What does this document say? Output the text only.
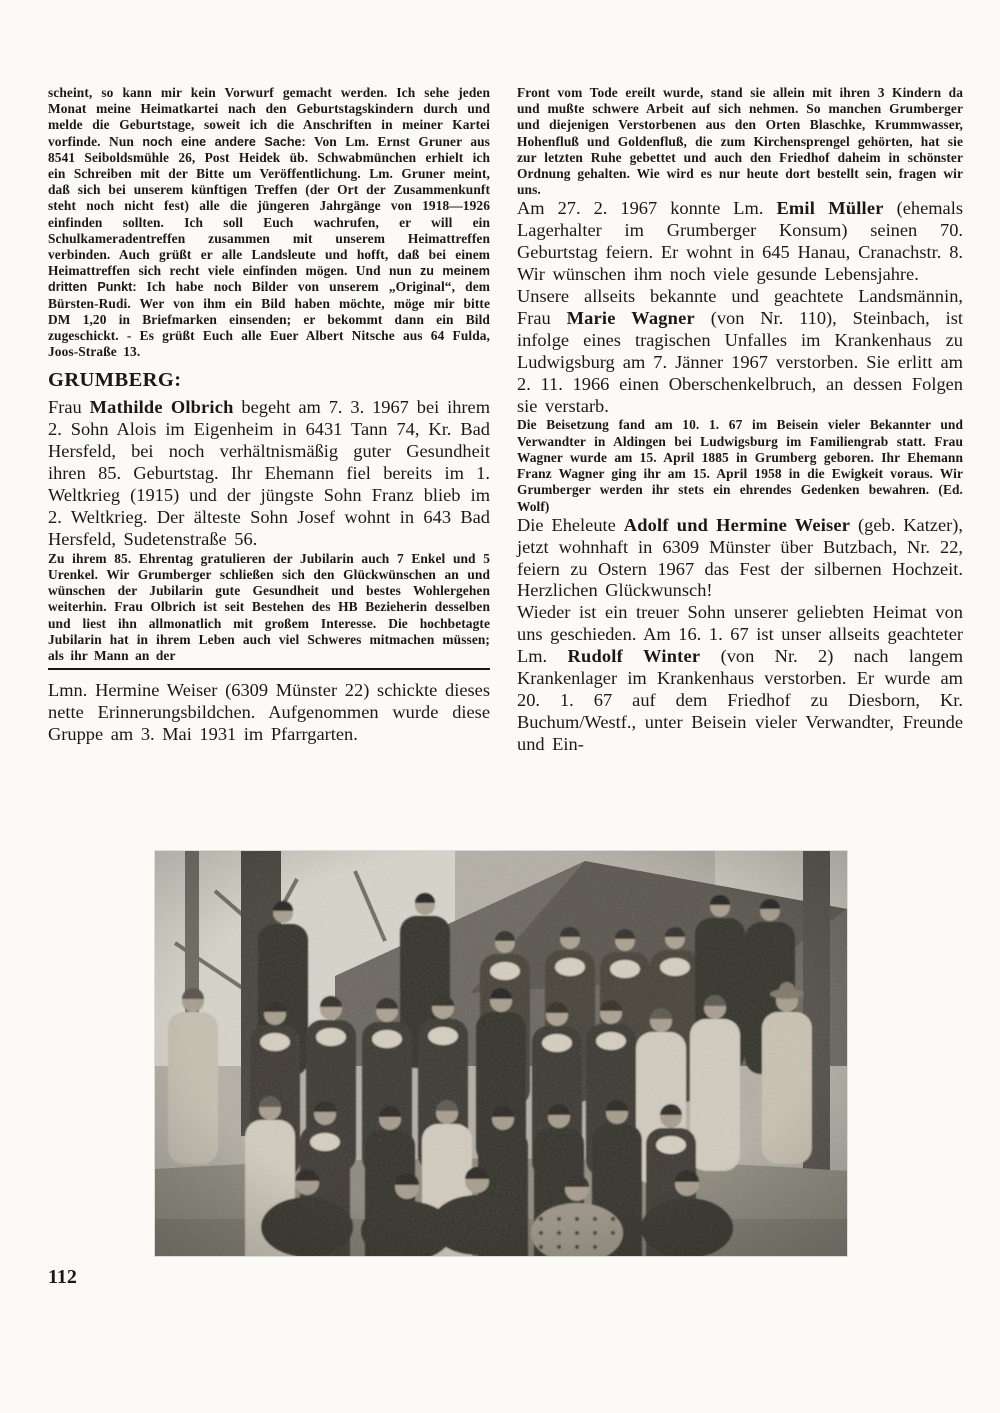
scheint, so kann mir kein Vorwurf gemacht werden. Ich sehe jeden Monat meine Heimatkartei nach den Geburtstagskindern durch und melde die Geburtstage, soweit ich die Anschriften in meiner Kartei vorfinde. Nun noch eine andere Sache: Von Lm. Ernst Gruner aus 8541 Seiboldsmühle 26, Post Heidek üb. Schwabmünchen erhielt ich ein Schreiben mit der Bitte um Veröffentlichung. Lm. Gruner meint, daß sich bei unserem künftigen Treffen (der Ort der Zusammenkunft steht noch nicht fest) alle die jüngeren Jahrgänge von 1918—1926 einfinden sollten. Ich soll Euch wachrufen, er will ein Schulkameradentreffen zusammen mit unserem Heimattreffen verbinden. Auch grüßt er alle Landsleute und hofft, daß bei einem Heimattreffen sich recht viele einfinden mögen. Und nun zu meinem dritten Punkt: Ich habe noch Bilder von unserem „Original“, dem Bürsten-Rudi. Wer von ihm ein Bild haben möchte, möge mir bitte DM 1,20 in Briefmarken einsenden; er bekommt dann ein Bild zugeschickt. - Es grüßt Euch alle Euer Albert Nitsche aus 64 Fulda, Joos-Straße 13.

GRUMBERG:

Frau Mathilde Olbrich begeht am 7. 3. 1967 bei ihrem 2. Sohn Alois im Eigenheim in 6431 Tann 74, Kr. Bad Hersfeld, bei noch verhältnismäßig guter Gesundheit ihren 85. Geburtstag. Ihr Ehemann fiel bereits im 1. Weltkrieg (1915) und der jüngste Sohn Franz blieb im 2. Weltkrieg. Der älteste Sohn Josef wohnt in 643 Bad Hersfeld, Sudetenstraße 56.

Zu ihrem 85. Ehrentag gratulieren der Jubilarin auch 7 Enkel und 5 Urenkel. Wir Grumberger schließen sich den Glückwünschen an und wünschen der Jubilarin gute Gesundheit und bestes Wohlergehen weiterhin. Frau Olbrich ist seit Bestehen des HB Bezieherin desselben und liest ihn allmonatlich mit großem Interesse. Die hochbetagte Jubilarin hat in ihrem Leben auch viel Schweres mitmachen müssen; als ihr Mann an der

Lmn. Hermine Weiser (6309 Münster 22) schickte dieses nette Erinnerungsbildchen. Aufgenommen wurde diese Gruppe am 3. Mai 1931 im Pfarrgarten.

Front vom Tode ereilt wurde, stand sie allein mit ihren 3 Kindern da und mußte schwere Arbeit auf sich nehmen. So manchen Grumberger und diejenigen Verstorbenen aus den Orten Blaschke, Krummwasser, Hohenfluß und Goldenfluß, die zum Kirchensprengel gehörten, hat sie zur letzten Ruhe gebettet und auch den Friedhof daheim in schönster Ordnung gehalten. Wie wird es nur heute dort bestellt sein, fragen wir uns.

Am 27. 2. 1967 konnte Lm. Emil Müller (ehemals Lagerhalter im Grumberger Konsum) seinen 70. Geburtstag feiern. Er wohnt in 645 Hanau, Cranachstr. 8. Wir wünschen ihm noch viele gesunde Lebensjahre.

Unsere allseits bekannte und geachtete Landsmännin, Frau Marie Wagner (von Nr. 110), Steinbach, ist infolge eines tragischen Unfalles im Krankenhaus zu Ludwigsburg am 7. Jänner 1967 verstorben. Sie erlitt am 2. 11. 1966 einen Oberschenkelbruch, an dessen Folgen sie verstarb.

Die Beisetzung fand am 10. 1. 67 im Beisein vieler Bekannter und Verwandter in Aldingen bei Ludwigsburg im Familiengrab statt. Frau Wagner wurde am 15. April 1885 in Grumberg geboren. Ihr Ehemann Franz Wagner ging ihr am 15. April 1958 in die Ewigkeit voraus. Wir Grumberger werden ihr stets ein ehrendes Gedenken bewahren. (Ed. Wolf)

Die Eheleute Adolf und Hermine Weiser (geb. Katzer), jetzt wohnhaft in 6309 Münster über Butzbach, Nr. 22, feiern zu Ostern 1967 das Fest der silbernen Hochzeit. Herzlichen Glückwunsch!

Wieder ist ein treuer Sohn unserer geliebten Heimat von uns geschieden. Am 16. 1. 67 ist unser allseits geachteter Lm. Rudolf Winter (von Nr. 2) nach langem Krankenlager im Krankenhaus verstorben. Er wurde am 20. 1. 67 auf dem Friedhof zu Diesborn, Kr. Buchum/Westf., unter Beisein vieler Verwandter, Freunde und Ein-

112
